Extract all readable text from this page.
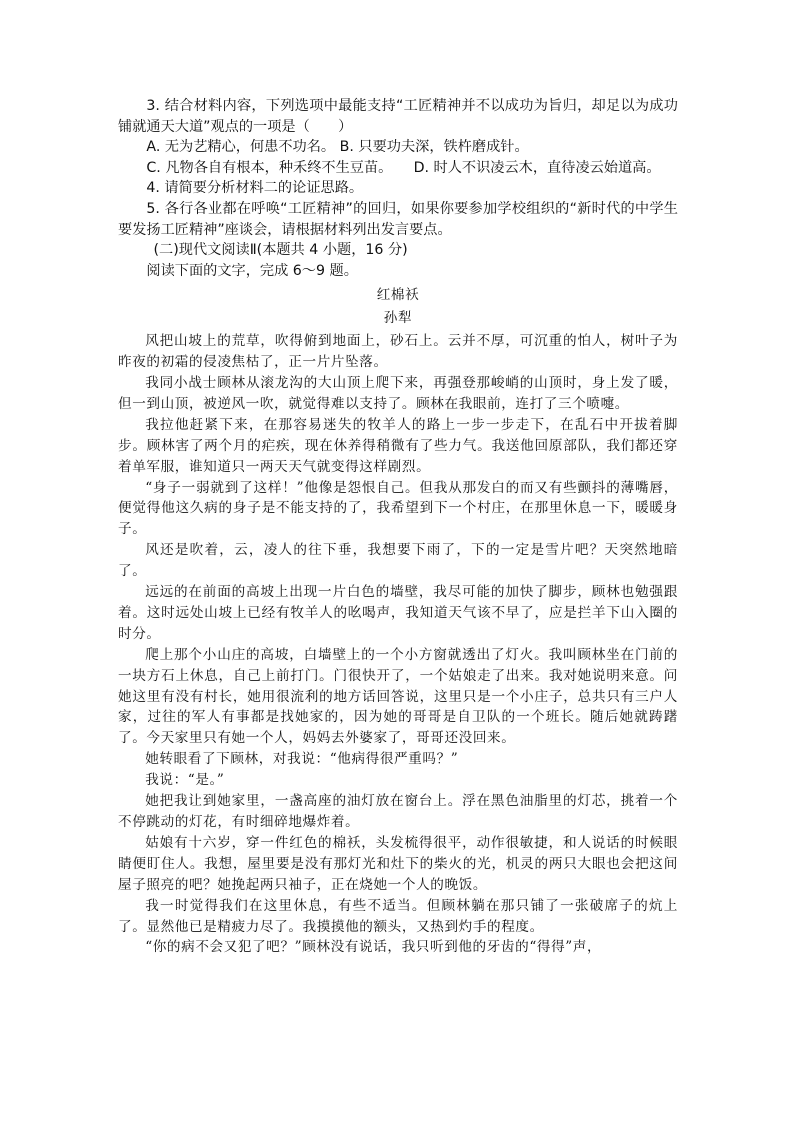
3. 结合材料内容，下列选项中最能支持“工匠精神并不以成功为旨归，却足以为成功铺就通天大道”观点的一项是（　　）

A. 无为艺精心，何患不功名。 B. 只要功夫深，铁杵磨成针。

C. 凡物各自有根本，种禾终不生豆苗。　　D. 时人不识凌云木，直待凌云始道高。

4. 请简要分析材料二的论证思路。

5. 各行各业都在呼唤“工匠精神”的回归，如果你要参加学校组织的“新时代的中学生要发扬工匠精神”座谈会，请根据材料列出发言要点。

(二)现代文阅读Ⅱ(本题共 4 小题，16 分)

阅读下面的文字，完成 6～9 题。

红棉袄

孙犁

风把山坡上的荒草，吹得俯到地面上，砂石上。云并不厚，可沉重的怕人，树叶子为昨夜的初霜的侵凌焦枯了，正一片片坠落。

我同小战士顾林从滚龙沟的大山顶上爬下来，再强登那峻峭的山顶时，身上发了暖，但一到山顶，被逆风一吹，就觉得难以支持了。顾林在我眼前，连打了三个喷嚏。

我拉他赶紧下来，在那容易迷失的牧羊人的路上一步一步走下，在乱石中开拔着脚步。顾林害了两个月的疟疾，现在休养得稍微有了些力气。我送他回原部队，我们都还穿着单军服，谁知道只一两天天气就变得这样剧烈。

“身子一弱就到了这样！”他像是怨恨自己。但我从那发白的而又有些颤抖的薄嘴唇，便觉得他这久病的身子是不能支持的了，我希望到下一个村庄，在那里休息一下，暖暖身子。

风还是吹着，云，凌人的往下垂，我想要下雨了，下的一定是雪片吧？天突然地暗了。

远远的在前面的高坡上出现一片白色的墙壁，我尽可能的加快了脚步，顾林也勉强跟着。这时远处山坡上已经有牧羊人的吆喝声，我知道天气该不早了，应是拦羊下山入圈的时分。

爬上那个小山庄的高坡，白墙壁上的一个小方窗就透出了灯火。我叫顾林坐在门前的一块方石上休息，自己上前打门。门很快开了，一个姑娘走了出来。我对她说明来意。问她这里有没有村长，她用很流利的地方话回答说，这里只是一个小庄子，总共只有三户人家，过往的军人有事都是找她家的，因为她的哥哥是自卫队的一个班长。随后她就踌躇了。今天家里只有她一个人，妈妈去外婆家了，哥哥还没回来。

她转眼看了下顾林，对我说：“他病得很严重吗？”

我说：“是。”

她把我让到她家里，一盏高座的油灯放在窗台上。浮在黑色油脂里的灯芯，挑着一个不停跳动的灯花，有时细碎地爆炸着。

姑娘有十六岁，穿一件红色的棉袄，头发梳得很平，动作很敏捷，和人说话的时候眼睛便盯住人。我想，屋里要是没有那灯光和灶下的柴火的光，机灵的两只大眼也会把这间屋子照亮的吧？她挽起两只袖子，正在烧她一个人的晚饭。

我一时觉得我们在这里休息，有些不适当。但顾林躺在那只铺了一张破席子的炕上了。显然他已是精疲力尽了。我摸摸他的额头，又热到灼手的程度。

“你的病不会又犯了吧？”顾林没有说话，我只听到他的牙齿的“得得”声，
